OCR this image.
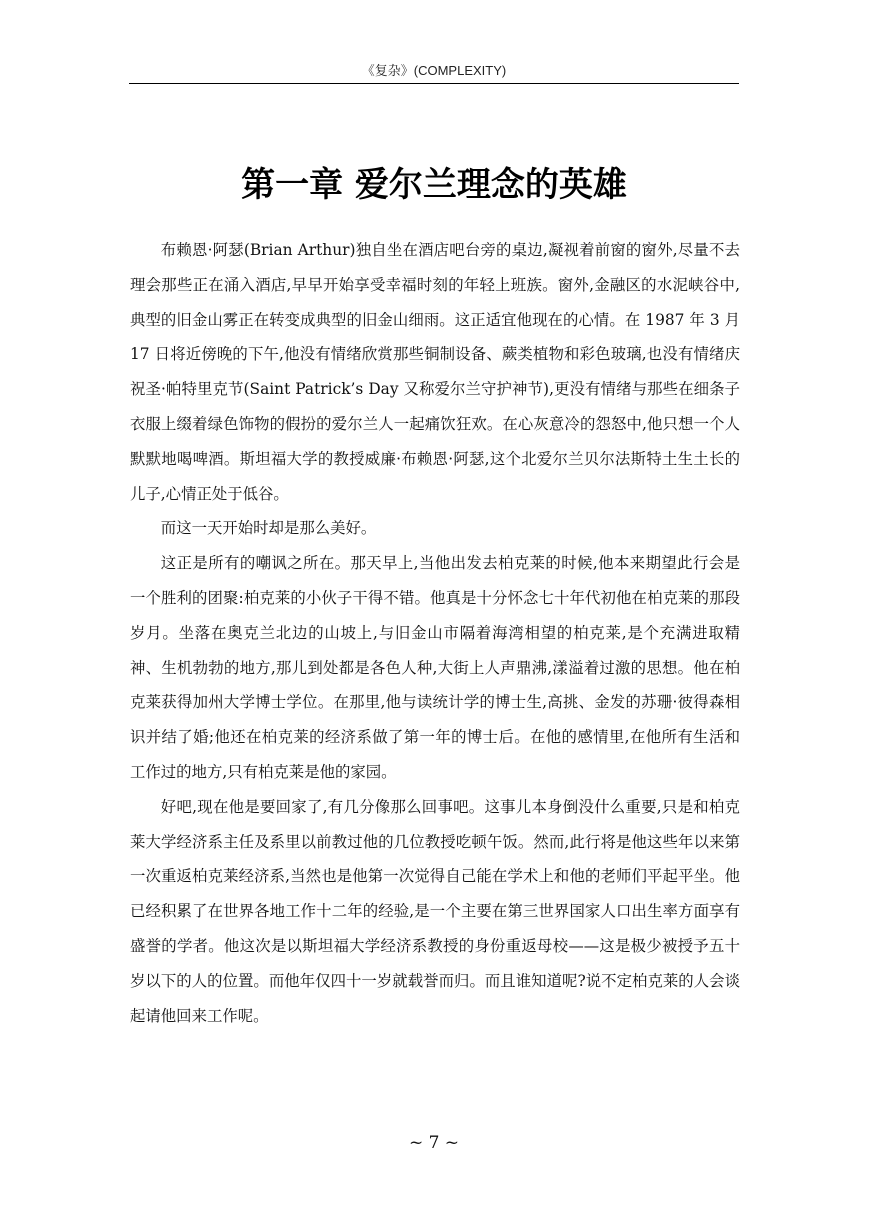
《复杂》(COMPLEXITY)
第一章 爱尔兰理念的英雄

布赖恩·阿瑟(Brian Arthur)独自坐在酒店吧台旁的桌边,凝视着前窗的窗外,尽量不去理会那些正在涌入酒店,早早开始享受幸福时刻的年轻上班族。窗外,金融区的水泥峡谷中,典型的旧金山雾正在转变成典型的旧金山细雨。这正适宜他现在的心情。在 1987 年 3 月 17 日将近傍晚的下午,他没有情绪欣赏那些铜制设备、蕨类植物和彩色玻璃,也没有情绪庆祝圣·帕特里克节(Saint Patrick’s Day 又称爱尔兰守护神节),更没有情绪与那些在细条子衣服上缀着绿色饰物的假扮的爱尔兰人一起痛饮狂欢。在心灰意冷的怨怒中,他只想一个人默默地喝啤酒。斯坦福大学的教授威廉·布赖恩·阿瑟,这个北爱尔兰贝尔法斯特土生土长的儿子,心情正处于低谷。

而这一天开始时却是那么美好。

这正是所有的嘲讽之所在。那天早上,当他出发去柏克莱的时候,他本来期望此行会是一个胜利的团聚:柏克莱的小伙子干得不错。他真是十分怀念七十年代初他在柏克莱的那段岁月。坐落在奥克兰北边的山坡上,与旧金山市隔着海湾相望的柏克莱,是个充满进取精神、生机勃勃的地方,那儿到处都是各色人种,大街上人声鼎沸,漾溢着过激的思想。他在柏克莱获得加州大学博士学位。在那里,他与读统计学的博士生,高挑、金发的苏珊·彼得森相识并结了婚;他还在柏克莱的经济系做了第一年的博士后。在他的感情里,在他所有生活和工作过的地方,只有柏克莱是他的家园。

好吧,现在他是要回家了,有几分像那么回事吧。这事儿本身倒没什么重要,只是和柏克莱大学经济系主任及系里以前教过他的几位教授吃顿午饭。然而,此行将是他这些年以来第一次重返柏克莱经济系,当然也是他第一次觉得自己能在学术上和他的老师们平起平坐。他已经积累了在世界各地工作十二年的经验,是一个主要在第三世界国家人口出生率方面享有盛誉的学者。他这次是以斯坦福大学经济系教授的身份重返母校——这是极少被授予五十岁以下的人的位置。而他年仅四十一岁就载誉而归。而且谁知道呢?说不定柏克莱的人会谈起请他回来工作呢。

~ 7 ~
